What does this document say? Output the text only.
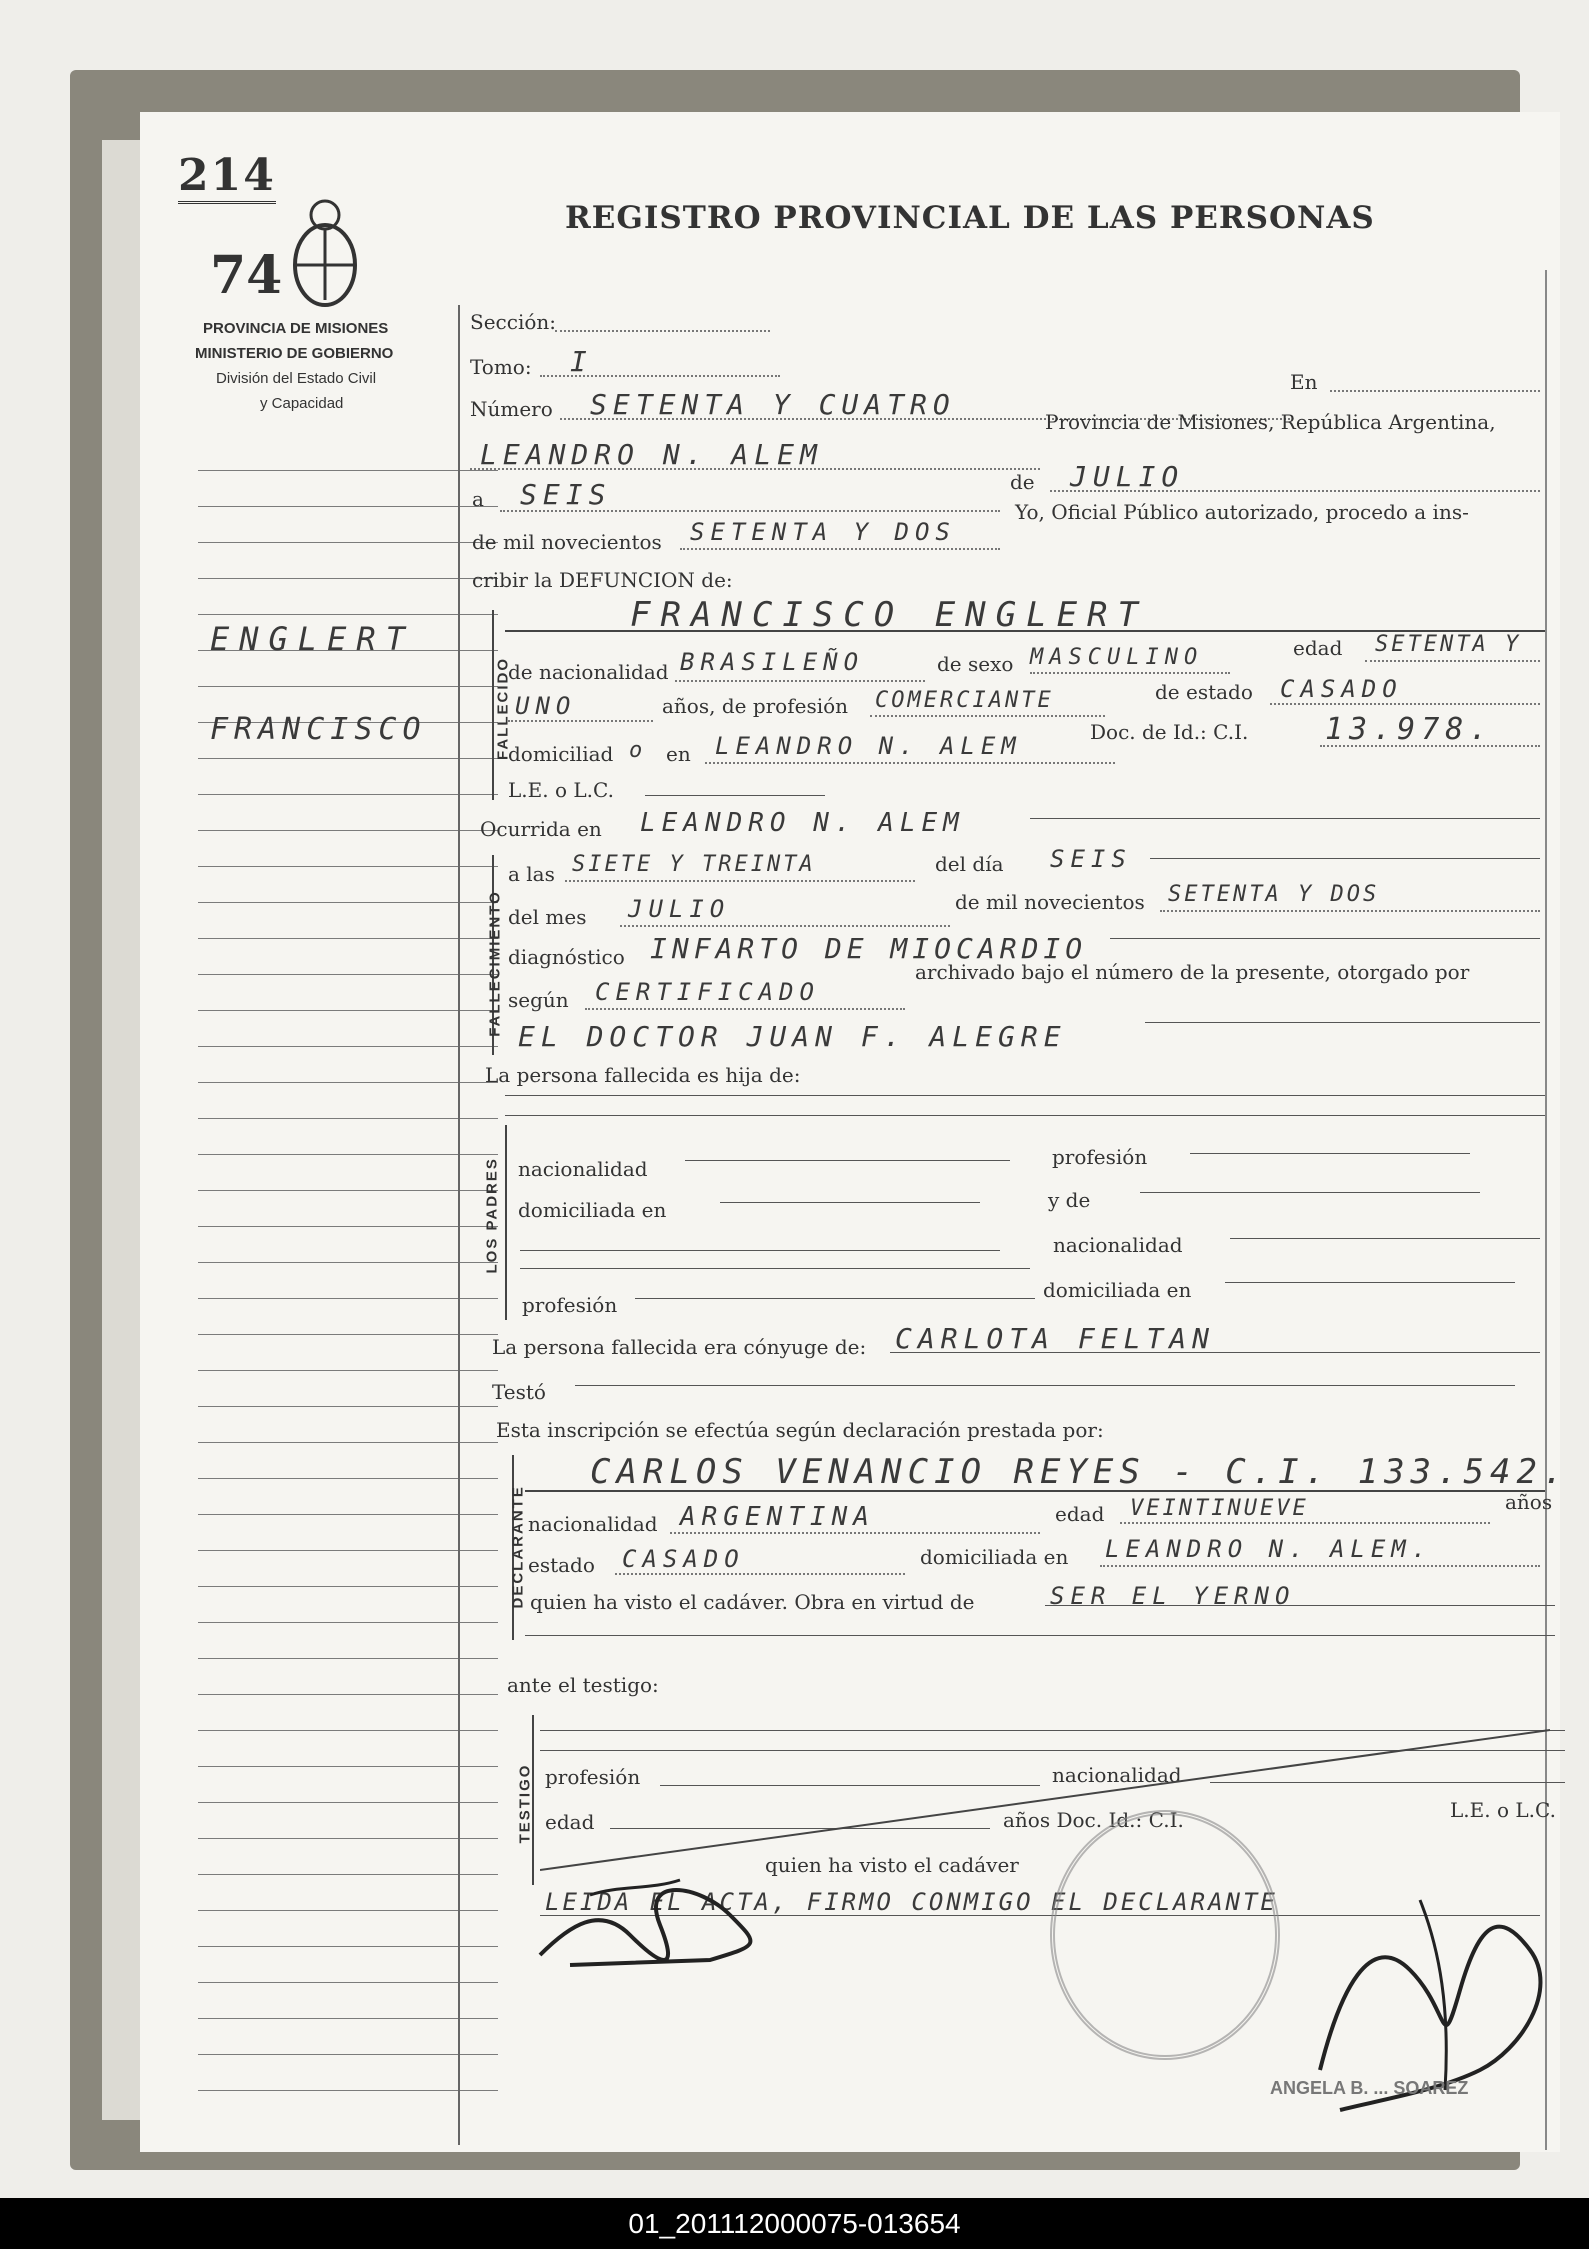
214
74
REGISTRO PROVINCIAL DE LAS PERSONAS
PROVINCIA DE MISIONES
MINISTERIO DE GOBIERNO
División del Estado Civil
y Capacidad
ENGLERT
FRANCISCO
Sección:
Tomo: I
Número SETENTA Y CUATRO
En
LEANDRO N. ALEM
Provincia de Misiones, República Argentina,
a SEIS	de JULIO
de mil novecientos SETENTA Y DOS
Yo, Oficial Público autorizado, procedo a ins-
cribir la DEFUNCION de:
FALLECIDO
FRANCISCO ENGLERT
de nacionalidad BRASILEÑO	de sexo MASCULINO	edad SETENTA Y
UNO	años, de profesión COMERCIANTE	de estado CASADO
domiciliad o en LEANDRO N. ALEM	Doc. de Id.: C.I.	13.978.
L.E. o L.C.
Ocurrida en LEANDRO N. ALEM
FALLECIMIENTO
a las SIETE Y TREINTA	del día SEIS
del mes JULIO	de mil novecientos SETENTA Y DOS
diagnóstico INFARTO DE MIOCARDIO
según CERTIFICADO
archivado bajo el número de la presente, otorgado por
EL DOCTOR JUAN F. ALEGRE
La persona fallecida es hija de:
LOS PADRES nacionalidad	profesión
domiciliada en	y de
nacionalidad
profesión
domiciliada en
La persona fallecida era cónyuge de: CARLOTA FELTAN
Testó
Esta inscripción se efectúa según declaración prestada por:
DECLARANTE
CARLOS VENANCIO REYES - C.I. 133.542.
nacionalidad ARGENTINA	edad VEINTINUEVE	años
estado CASADO	domiciliada en LEANDRO N. ALEM.
quien ha visto el cadáver. Obra en virtud de	SER EL YERNO
ante el testigo:
TESTIGO profesión	nacionalidad
edad	años Doc. Id.: C.I.	L.E. o L.C.
quien ha visto el cadáver
LEIDA EL ACTA, FIRMO CONMIGO EL DECLARANTE
ANGELA B. ... SOAREZ
01_201112000075-013654
